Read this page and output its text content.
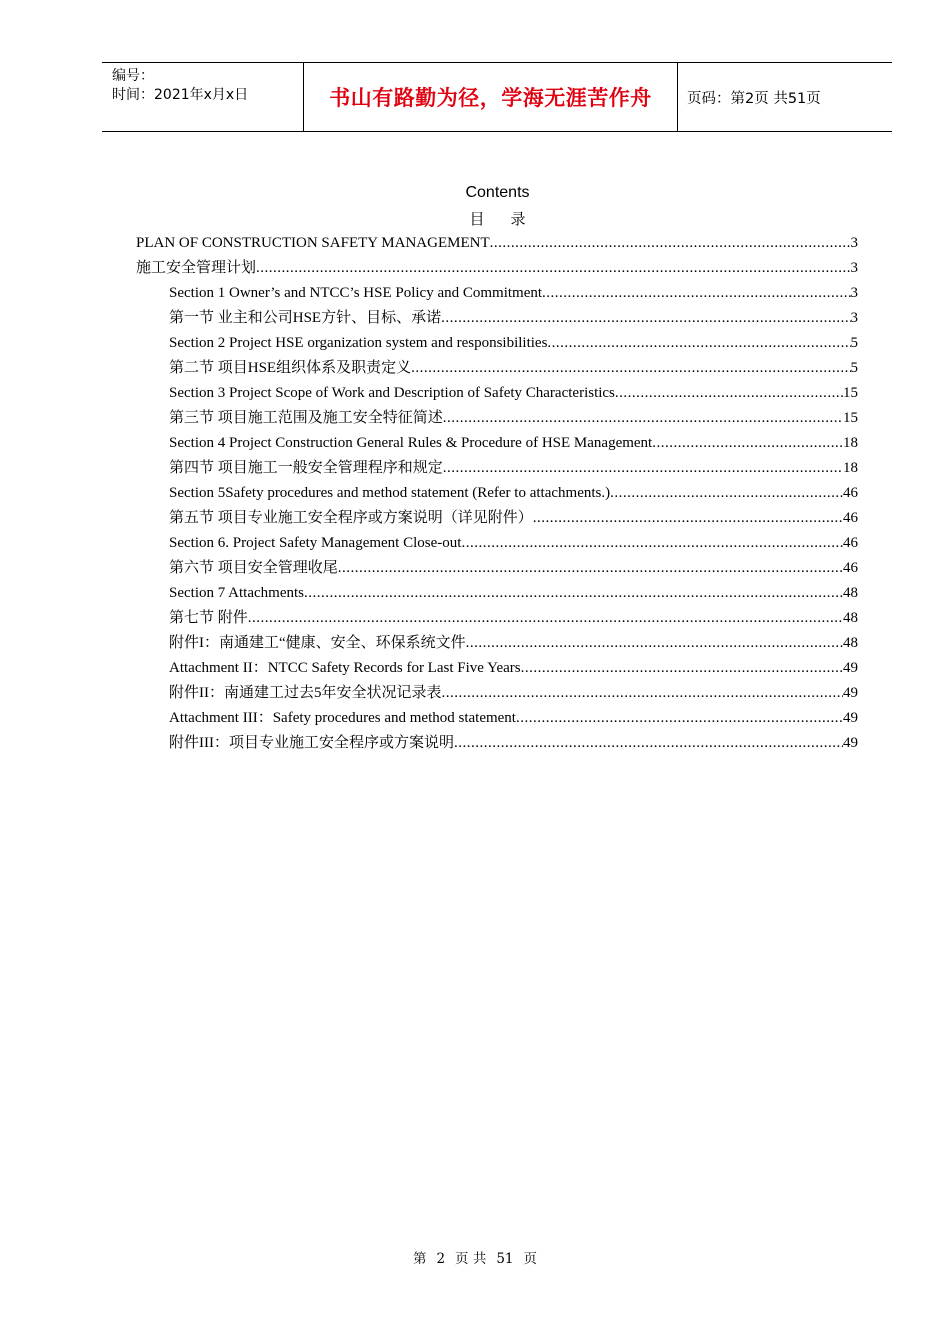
编号：
时间：2021年x月x日	书山有路勤为径，学海无涯苦作舟 页码：第2页 共51页
Contents
目录
PLAN OF CONSTRUCTION SAFETY MANAGEMENT .....	3
施工安全管理计划 .....	3
Section 1 Owner’s and NTCC’s HSE Policy and Commitment .....	3
第一节 业主和公司HSE方针、目标、承诺 .....	3
Section 2 Project HSE organization system and responsibilities .....	5
第二节 项目HSE组织体系及职责定义 .....	5
Section 3 Project Scope of Work and Description of Safety Characteristics .....	15
第三节 项目施工范围及施工安全特征简述 .....	15
Section 4 Project Construction General Rules & Procedure of HSE Management .....	18
第四节 项目施工一般安全管理程序和规定 .....	18
Section 5Safety procedures and method statement (Refer to attachments.) .....	46
第五节 项目专业施工安全程序或方案说明（详见附件） .....	46
Section 6. Project Safety Management Close-out .....	46
第六节 项目安全管理收尾 .....	46
Section 7 Attachments .....	48
第七节 附件 .....	48
附件I：南通建工“健康、安全、环保系统文件 .....	48
Attachment II：NTCC Safety Records for Last Five Years .....	49
附件II：南通建工过去5年安全状况记录表 .....	49
Attachment III：Safety procedures and method statement .....	49
附件III：项目专业施工安全程序或方案说明 .....	49
第 2 页 共 51 页
